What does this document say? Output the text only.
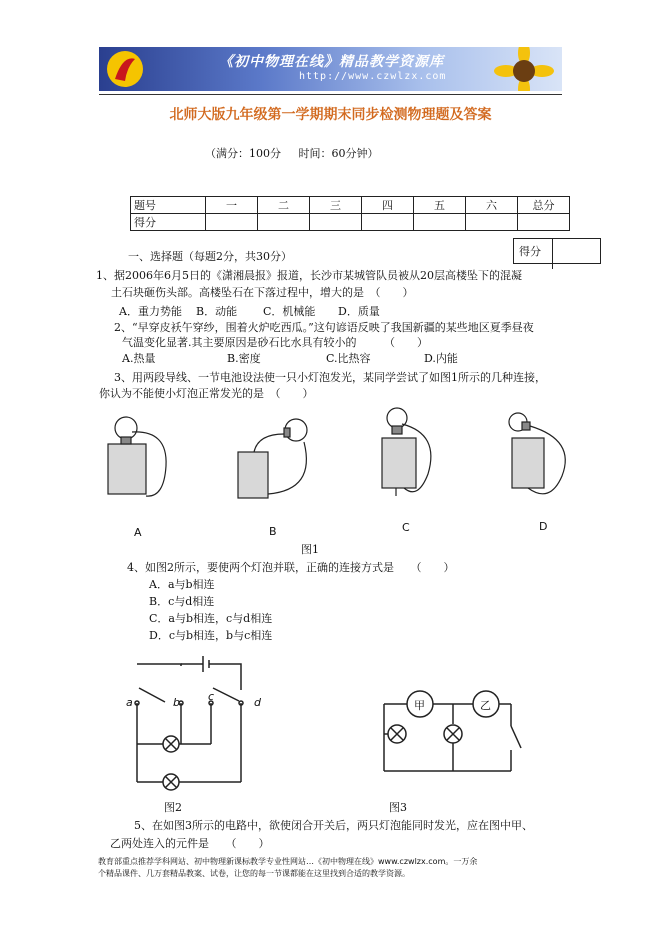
《初中物理在线》精品教学资源库
http://www.czwlzx.com
北师大版九年级第一学期期末同步检测物理题及答案
（满分：100分 时间：60分钟）
题号	一	二	三	四	五	六	总分
得分							
得分
一、选择题（每题2分，共30分）
1、据2006年6月5日的《潇湘晨报》报道，长沙市某城管队员被从20层高楼坠下的混凝
土石块砸伤头部。高楼坠石在下落过程中，增大的是　（　　）
A．重力势能 B．动能 C．机械能 D．质量
2、“早穿皮袄午穿纱，围着火炉吃西瓜。”这句谚语反映了我国新疆的某些地区夏季昼夜
气温变化显著.其主要原因是砂石比水具有较小的　　　（　　）
A.热量	B.密度	C.比热容	D.内能
3、用两段导线、一节电池设法使一只小灯泡发光，某同学尝试了如图1所示的几种连接，
你认为不能使小灯泡正常发光的是　（　　）
A	B	C	D
图1
4、如图2所示，要使两个灯泡并联，正确的连接方式是　　（　　）
A．a与b相连
B．c与d相连
C．a与b相连，c与d相连
D．c与b相连，b与c相连
a	b	c	d
图2
甲	乙
图3
5、在如图3所示的电路中，欲使闭合开关后，两只灯泡能同时发光，应在图中甲、
乙两处连入的元件是　　（　　）
教育部重点推荐学科网站、初中物理新课标教学专业性网站…《初中物理在线》www.czwlzx.com。一万余
个精品课件、几万套精品教案、试卷，让您的每一节课都能在这里找到合适的教学资源。
